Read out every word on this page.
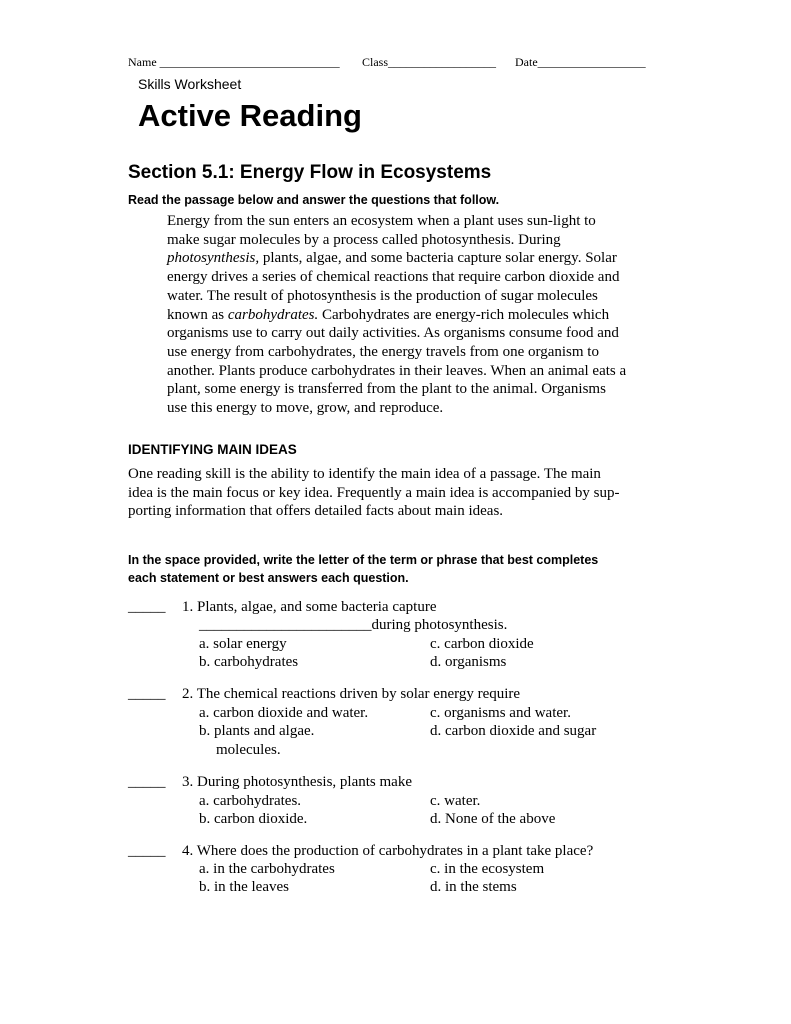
Name ______________________________ Class__________________ Date__________________
Skills Worksheet
Active Reading
Section 5.1: Energy Flow in Ecosystems
Read the passage below and answer the questions that follow.
Energy from the sun enters an ecosystem when a plant uses sun-light to
make sugar molecules by a process called photosynthesis. During
photosynthesis, plants, algae, and some bacteria capture solar energy. Solar
energy drives a series of chemical reactions that require carbon dioxide and
water. The result of photosynthesis is the production of sugar molecules
known as carbohydrates. Carbohydrates are energy-rich molecules which
organisms use to carry out daily activities. As organisms consume food and
use energy from carbohydrates, the energy travels from one organism to
another. Plants produce carbohydrates in their leaves. When an animal eats a
plant, some energy is transferred from the plant to the animal. Organisms
use this energy to move, grow, and reproduce.
IDENTIFYING MAIN IDEAS
One reading skill is the ability to identify the main idea of a passage. The main
idea is the main focus or key idea. Frequently a main idea is accompanied by sup-
porting information that offers detailed facts about main ideas.
In the space provided, write the letter of the term or phrase that best completes
each statement or best answers each question.
_____ 1. Plants, algae, and some bacteria capture
_______________________during photosynthesis.
a. solar energy	c. carbon dioxide
b. carbohydrates	d. organisms
_____ 2. The chemical reactions driven by solar energy require
a. carbon dioxide and water.	c. organisms and water.
b. plants and algae.	d. carbon dioxide and sugar
molecules.
_____ 3. During photosynthesis, plants make
a. carbohydrates.	c. water.
b. carbon dioxide.	d. None of the above
_____ 4. Where does the production of carbohydrates in a plant take place?
a. in the carbohydrates	c. in the ecosystem
b. in the leaves	d. in the stems
